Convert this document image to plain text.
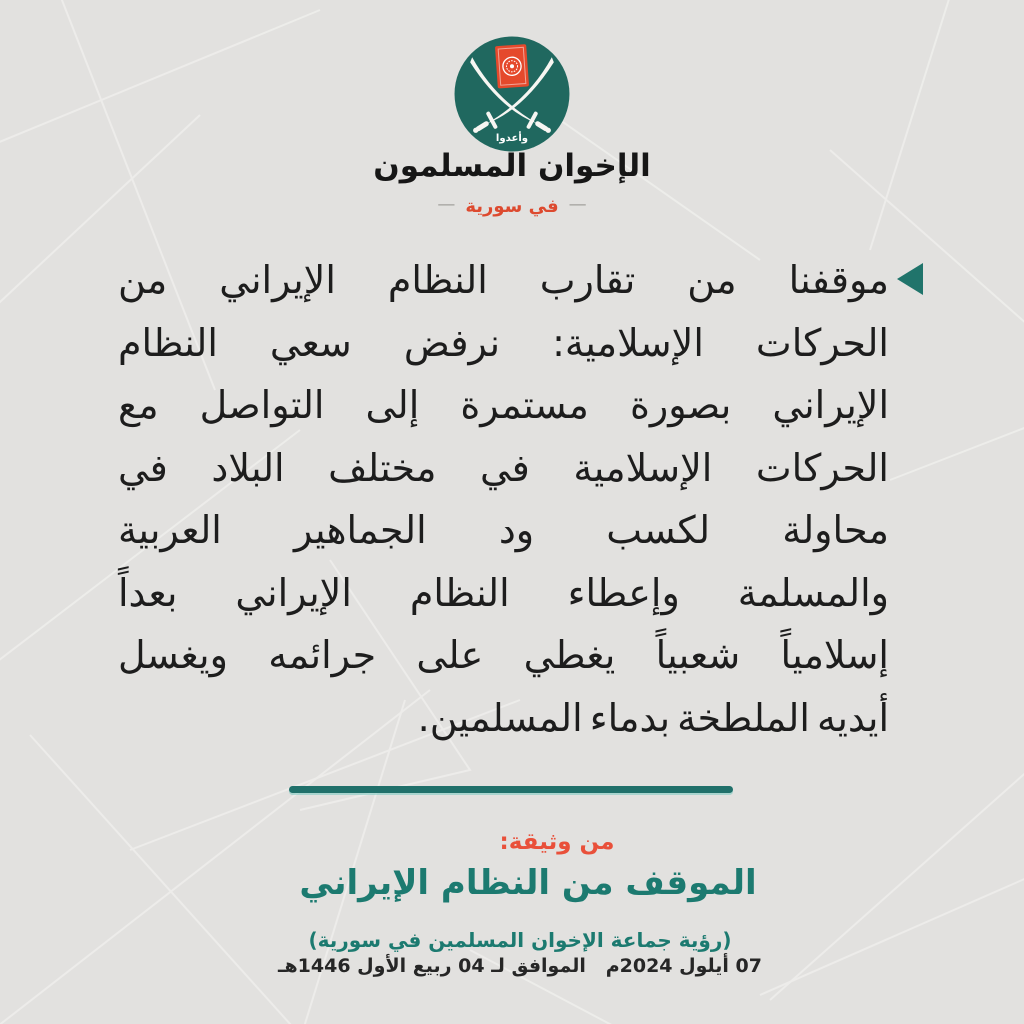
وأعدوا
الإخوان المسلمون
—في سورية—
موقفنا من تقارب النظام الإيراني من
الحركات الإسلامية: نرفض سعي النظام
الإيراني بصورة مستمرة إلى التواصل مع
الحركات الإسلامية في مختلف البلاد في
محاولة لكسب ود الجماهير العربية
والمسلمة وإعطاء النظام الإيراني بعداً
إسلامياً شعبياً يغطي على جرائمه ويغسل
أيديه الملطخة بدماء المسلمين.
من وثيقة:
الموقف من النظام الإيراني
(رؤية جماعة الإخوان المسلمين في سورية)
07 أيلول 2024م   الموافق لـ 04 ربيع الأول 1446هـ
